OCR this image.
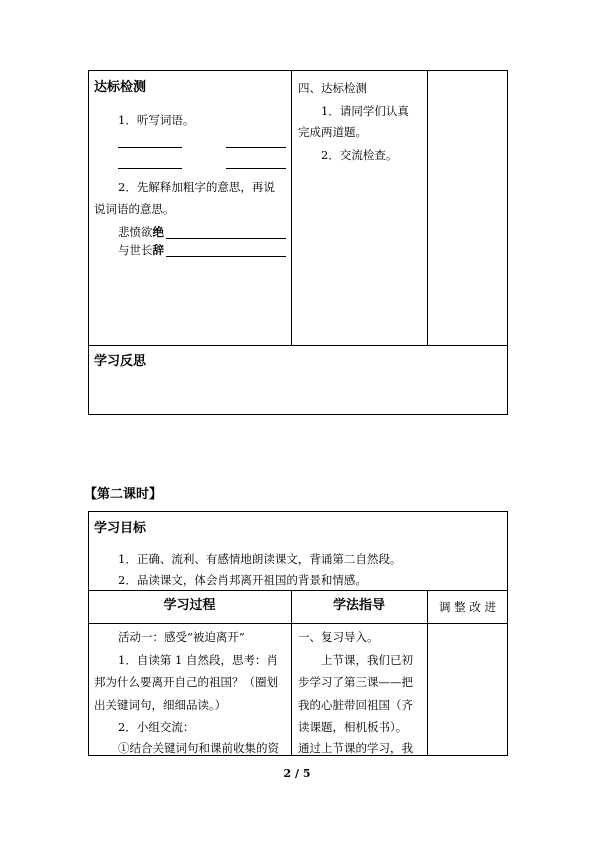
达标检测
1．听写词语。
2．先解释加粗字的意思，再说
说词语的意思。
悲愤欲绝
与世长辞
四、达标检测
1．请同学们认真
完成两道题。
2．交流检查。
学习反思
【第二课时】
学习目标
1．正确、流利、有感情地朗读课文，背诵第二自然段。
2．品读课文，体会肖邦离开祖国的背景和情感。
学习过程	学法指导	调 整 改 进
活动一：感受“被迫离开”
1．自读第 1 自然段，思考：肖
邦为什么要离开自己的祖国？（圈划
出关键词句，细细品读。）
2．小组交流：
①结合关键词句和课前收集的资
一、复习导入。
上节课，我们已初
步学习了第三课——把
我的心脏带回祖国（齐
读课题，相机板书）。
通过上节课的学习，我
2 / 5
